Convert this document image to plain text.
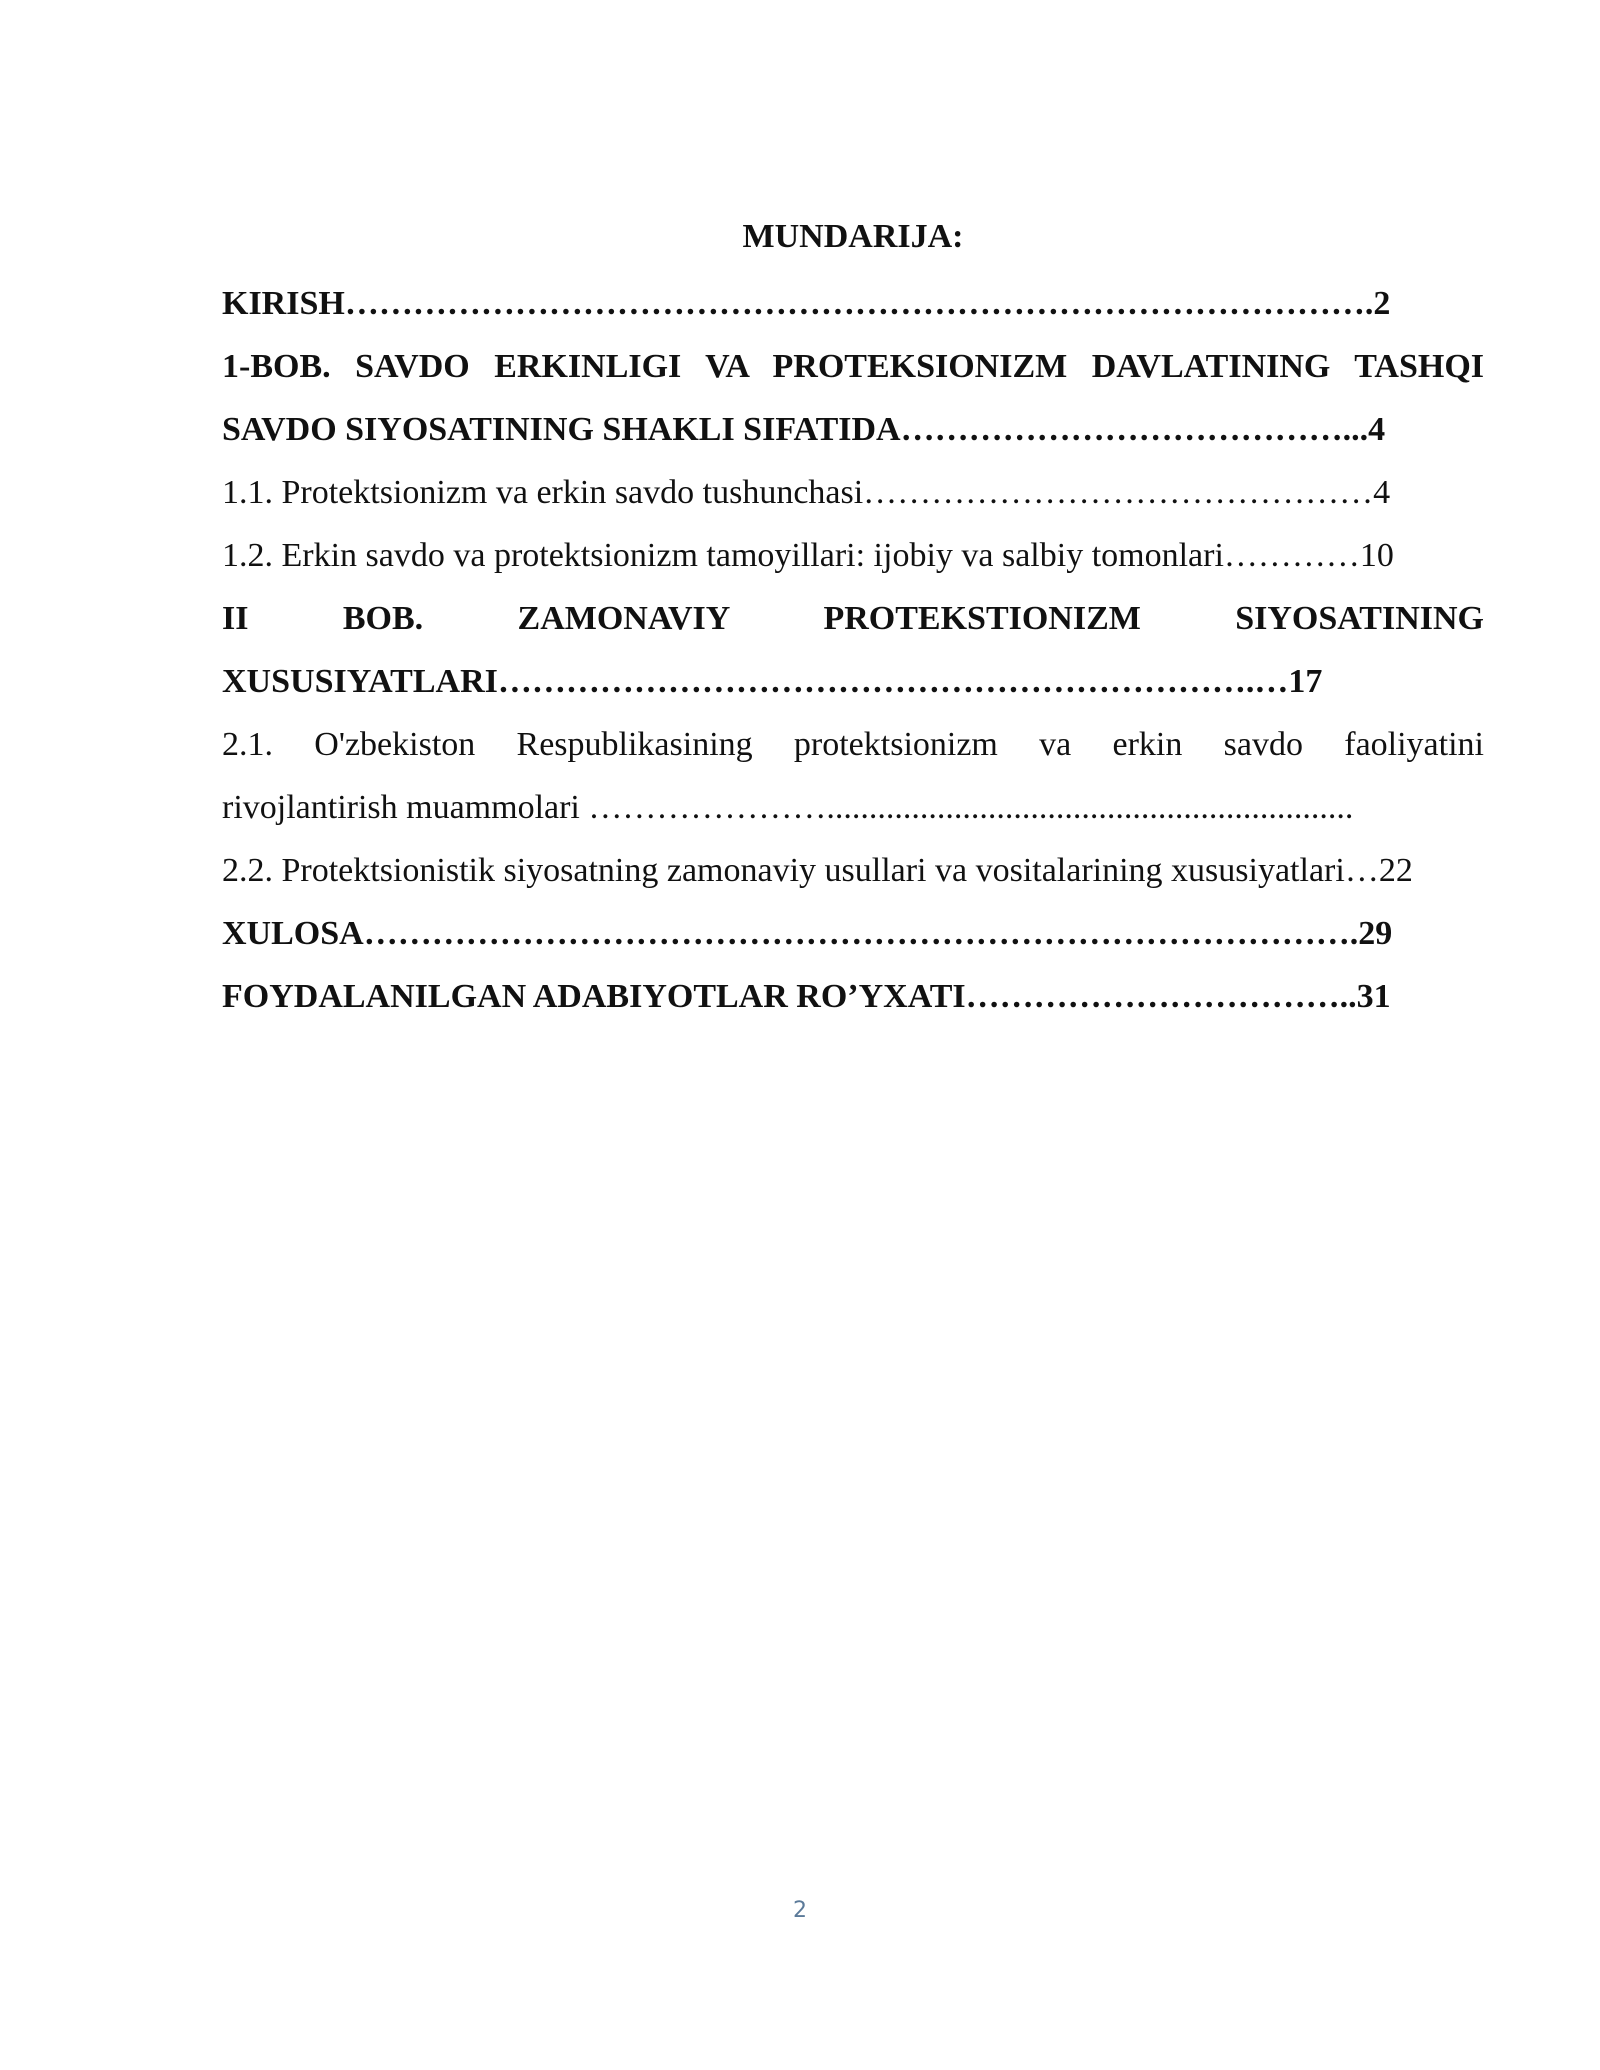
MUNDARIJA:
KIRISH……………………………………………………………………………….2
1-BOB. SAVDO ERKINLIGI VA PROTEKSIONIZM DAVLATINING TASHQI
SAVDO SIYOSATINING SHAKLI SIFATIDA…………………………………...4
1.1. Protektsionizm va erkin savdo tushunchasi………………………………………4
1.2. Erkin savdo va protektsionizm tamoyillari: ijobiy va salbiy tomonlari…………10
II BOB. ZAMONAVIY PROTEKSTIONIZM SIYOSATINING
XUSUSIYATLARI………………………………………………………….…17
2.1. O'zbekiston Respublikasining protektsionizm va erkin savdo faoliyatini
rivojlantirish muammolari …………………..............................................................
2.2. Protektsionistik siyosatning zamonaviy usullari va vositalarining xususiyatlari…22
XULOSA…………………………………………………………………………….29
FOYDALANILGAN ADABIYOTLAR RO’YXATI……………………………..31
2
